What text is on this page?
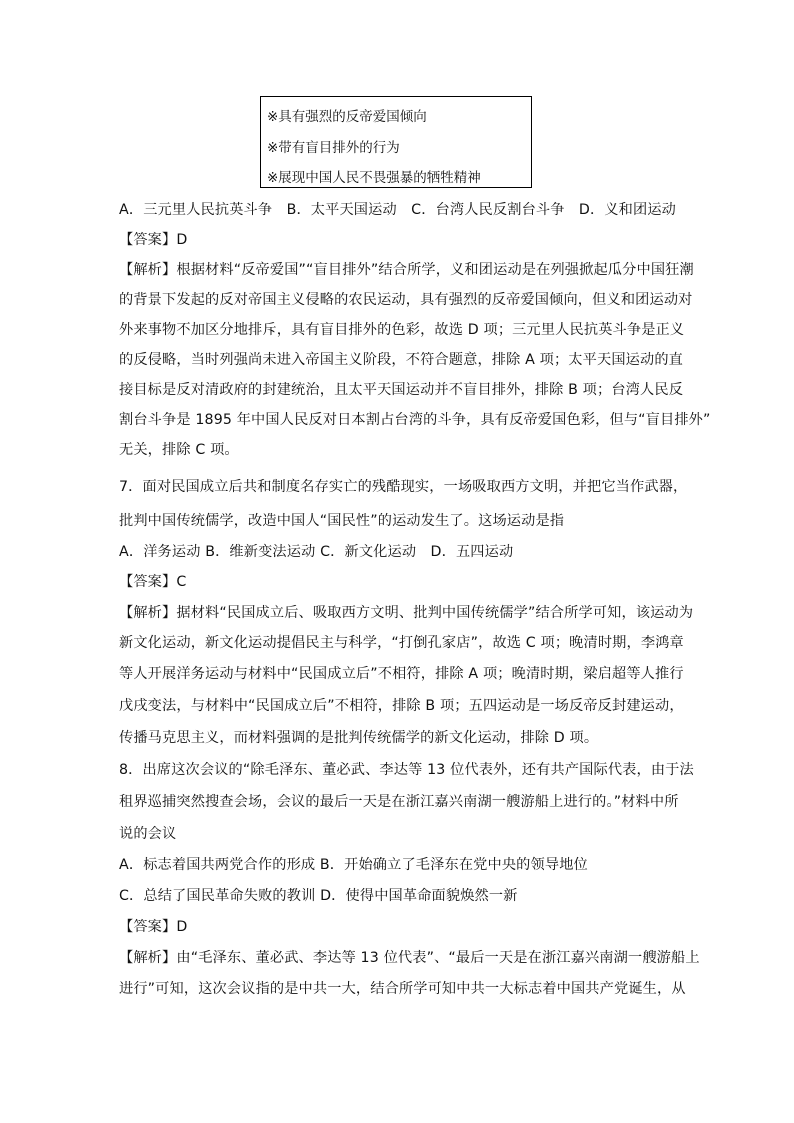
※具有强烈的反帝爱国倾向
※带有盲目排外的行为
※展现中国人民不畏强暴的牺牲精神
A．三元里人民抗英斗争　B．太平天国运动　C．台湾人民反割台斗争　D．义和团运动
【答案】D
【解析】根据材料“反帝爱国”“盲目排外”结合所学，义和团运动是在列强掀起瓜分中国狂潮
的背景下发起的反对帝国主义侵略的农民运动，具有强烈的反帝爱国倾向，但义和团运动对
外来事物不加区分地排斥，具有盲目排外的色彩，故选 D 项；三元里人民抗英斗争是正义
的反侵略，当时列强尚未进入帝国主义阶段，不符合题意，排除 A 项；太平天国运动的直
接目标是反对清政府的封建统治，且太平天国运动并不盲目排外，排除 B 项；台湾人民反
割台斗争是 1895 年中国人民反对日本割占台湾的斗争，具有反帝爱国色彩，但与“盲目排外”
无关，排除 C 项。
7．面对民国成立后共和制度名存实亡的残酷现实，一场吸取西方文明，并把它当作武器，
批判中国传统儒学，改造中国人“国民性”的运动发生了。这场运动是指
A．洋务运动 B．维新变法运动 C．新文化运动　D．五四运动
【答案】C
【解析】据材料“民国成立后、吸取西方文明、批判中国传统儒学”结合所学可知，该运动为
新文化运动，新文化运动提倡民主与科学，“打倒孔家店”，故选 C 项；晚清时期，李鸿章
等人开展洋务运动与材料中“民国成立后”不相符，排除 A 项；晚清时期，梁启超等人推行
戊戌变法，与材料中“民国成立后”不相符，排除 B 项；五四运动是一场反帝反封建运动，
传播马克思主义，而材料强调的是批判传统儒学的新文化运动，排除 D 项。
8．出席这次会议的“除毛泽东、董必武、李达等 13 位代表外，还有共产国际代表，由于法
租界巡捕突然搜查会场，会议的最后一天是在浙江嘉兴南湖一艘游船上进行的。”材料中所
说的会议
A．标志着国共两党合作的形成 B．开始确立了毛泽东在党中央的领导地位
C．总结了国民革命失败的教训 D．使得中国革命面貌焕然一新
【答案】D
【解析】由“毛泽东、董必武、李达等 13 位代表”、“最后一天是在浙江嘉兴南湖一艘游船上
进行”可知，这次会议指的是中共一大，结合所学可知中共一大标志着中国共产党诞生，从
